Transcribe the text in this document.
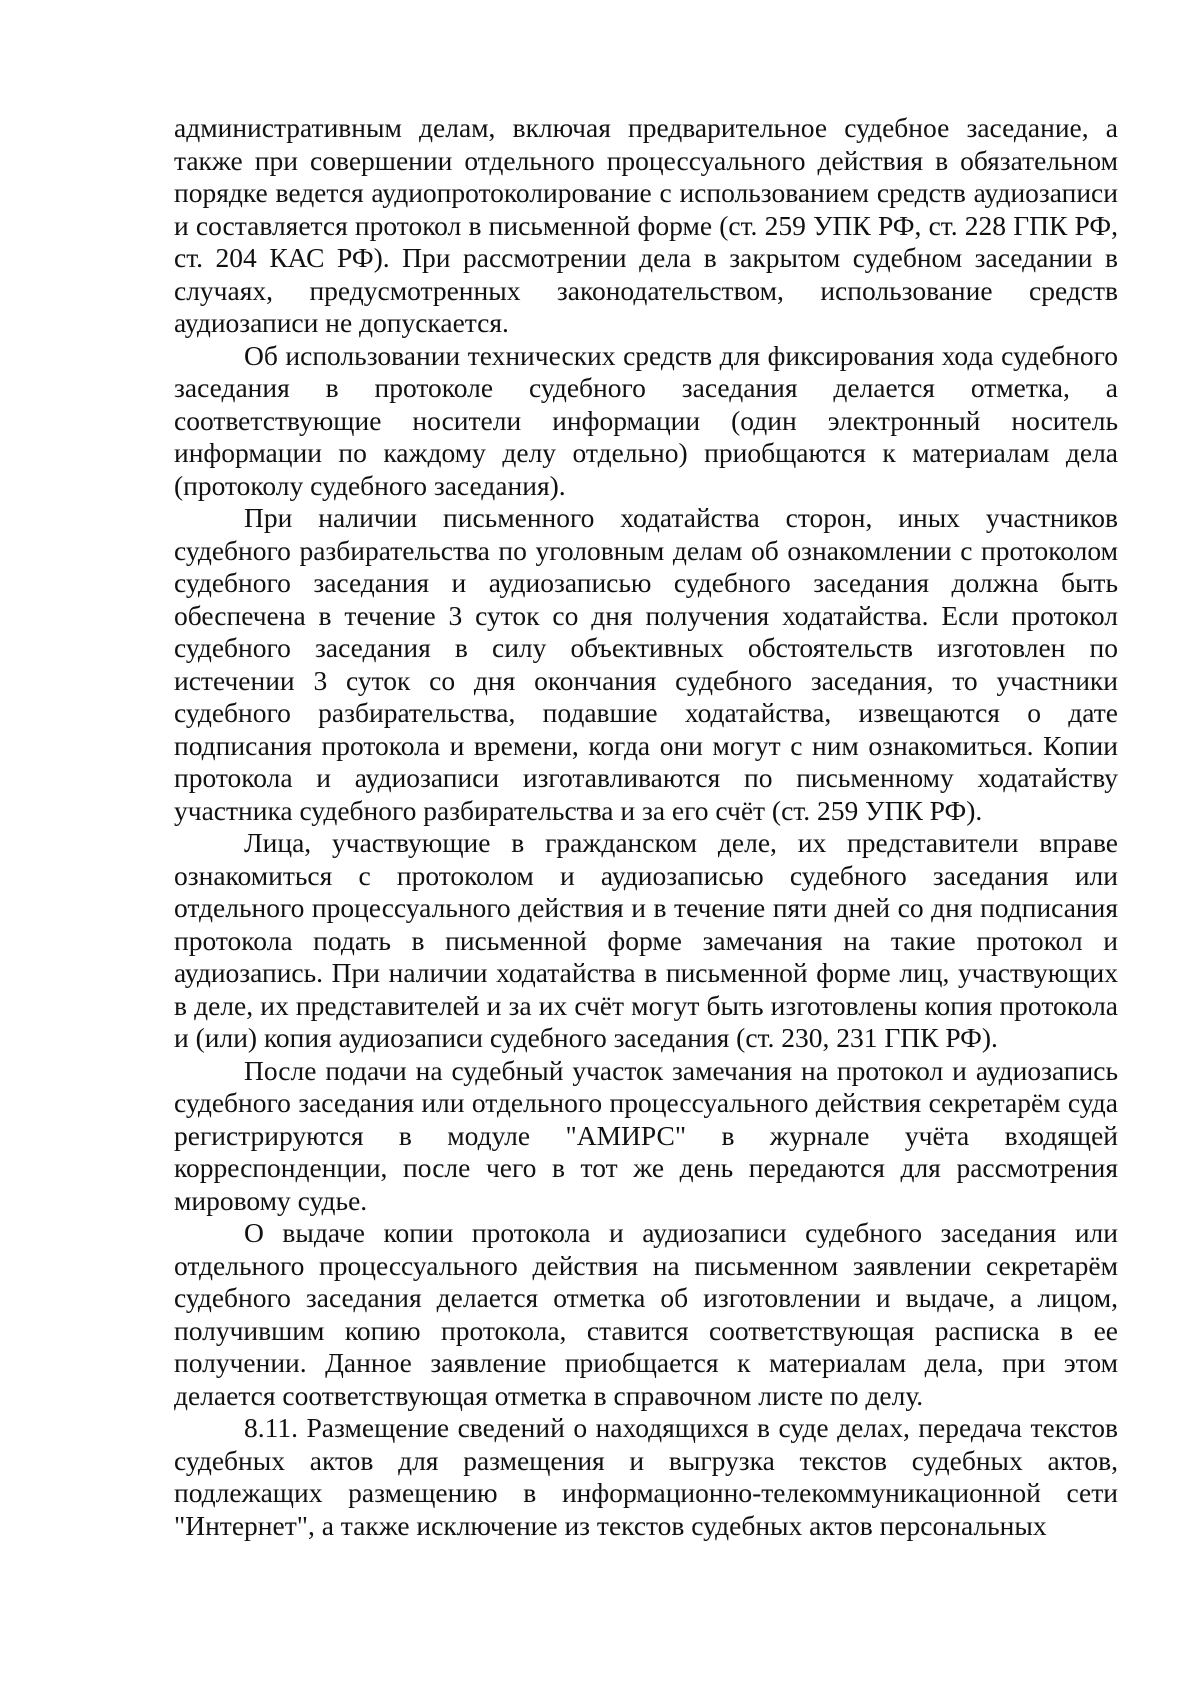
административным делам, включая предварительное судебное заседание, а также при совершении отдельного процессуального действия в обязательном порядке ведется аудиопротоколирование с использованием средств аудиозаписи и составляется протокол в письменной форме (ст. 259 УПК РФ, ст. 228 ГПК РФ, ст. 204 КАС РФ). При рассмотрении дела в закрытом судебном заседании в случаях, предусмотренных законодательством, использование средств аудиозаписи не допускается.

Об использовании технических средств для фиксирования хода судебного заседания в протоколе судебного заседания делается отметка, а соответствующие носители информации (один электронный носитель информации по каждому делу отдельно) приобщаются к материалам дела (протоколу судебного заседания).

При наличии письменного ходатайства сторон, иных участников судебного разбирательства по уголовным делам об ознакомлении с протоколом судебного заседания и аудиозаписью судебного заседания должна быть обеспечена в течение 3 суток со дня получения ходатайства. Если протокол судебного заседания в силу объективных обстоятельств изготовлен по истечении 3 суток со дня окончания судебного заседания, то участники судебного разбирательства, подавшие ходатайства, извещаются о дате подписания протокола и времени, когда они могут с ним ознакомиться. Копии протокола и аудиозаписи изготавливаются по письменному ходатайству участника судебного разбирательства и за его счёт (ст. 259 УПК РФ).

Лица, участвующие в гражданском деле, их представители вправе ознакомиться с протоколом и аудиозаписью судебного заседания или отдельного процессуального действия и в течение пяти дней со дня подписания протокола подать в письменной форме замечания на такие протокол и аудиозапись. При наличии ходатайства в письменной форме лиц, участвующих в деле, их представителей и за их счёт могут быть изготовлены копия протокола и (или) копия аудиозаписи судебного заседания (ст. 230, 231 ГПК РФ).

После подачи на судебный участок замечания на протокол и аудиозапись судебного заседания или отдельного процессуального действия секретарём суда регистрируются в модуле "АМИРС" в журнале учёта входящей корреспонденции, после чего в тот же день передаются для рассмотрения мировому судье.

О выдаче копии протокола и аудиозаписи судебного заседания или отдельного процессуального действия на письменном заявлении секретарём судебного заседания делается отметка об изготовлении и выдаче, а лицом, получившим копию протокола, ставится соответствующая расписка в ее получении. Данное заявление приобщается к материалам дела, при этом делается соответствующая отметка в справочном листе по делу.

8.11. Размещение сведений о находящихся в суде делах, передача текстов судебных актов для размещения и выгрузка текстов судебных актов, подлежащих размещению в информационно-телекоммуникационной сети "Интернет", а также исключение из текстов судебных актов персональных
